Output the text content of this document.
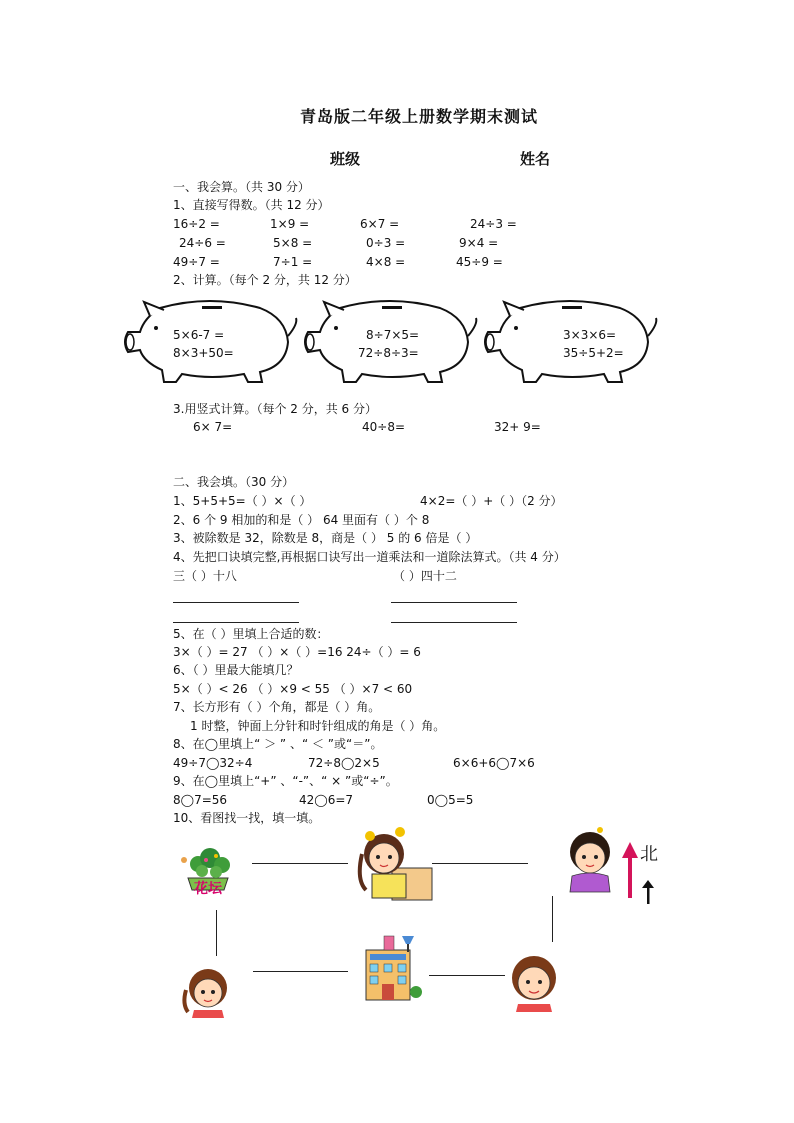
青岛版二年级上册数学期末测试
班级	姓名
一、我会算。（共 30 分）
1、直接写得数。（共 12 分）
16÷2 =	1×9 =	6×7 =	24÷3 =
24÷6 =	5×8 =	0÷3 =	9×4 =
49÷7 =	7÷1 =	4×8 =	45÷9 =
2、计算。（每个 2 分，共 12 分）
5×6-7 =
8×3+50=
8÷7×5=
72÷8÷3=
3×3×6=
35÷5+2=
3.用竖式计算。（每个 2 分，共 6 分）
6× 7=	40÷8=	32+ 9=
二、我会填。（30 分）
1、5+5+5=（ ）×（ ）	4×2=（ ）+（ ）（2 分）
2、6 个 9 相加的和是（ ） 64 里面有（ ）个 8
3、被除数是 32，除数是 8，商是（ ） 5 的 6 倍是（ ）
4、先把口诀填完整,再根据口诀写出一道乘法和一道除法算式。（共 4 分）
三（ ）十八	（ ）四十二
5、在（ ）里填上合适的数：
3×（ ）= 27 （ ）×（ ）=16 24÷（ ）= 6
6、（ ）里最大能填几？
5×（ ）< 26 （ ）×9 < 55 （ ）×7 < 60
7、长方形有（ ）个角，都是（ ）角。
1 时整，钟面上分针和时针组成的角是（ ）角。
8、在◯里填上“ ＞ ” 、“ ＜ ”或“＝”。
49÷7◯32÷4	72÷8◯2×5	6×6+6◯7×6
9、在◯里填上“+” 、“-”、“ × ”或“÷”。
8◯7=56	42◯6=7	0◯5=5
10、看图找一找，填一填。
花坛
北
